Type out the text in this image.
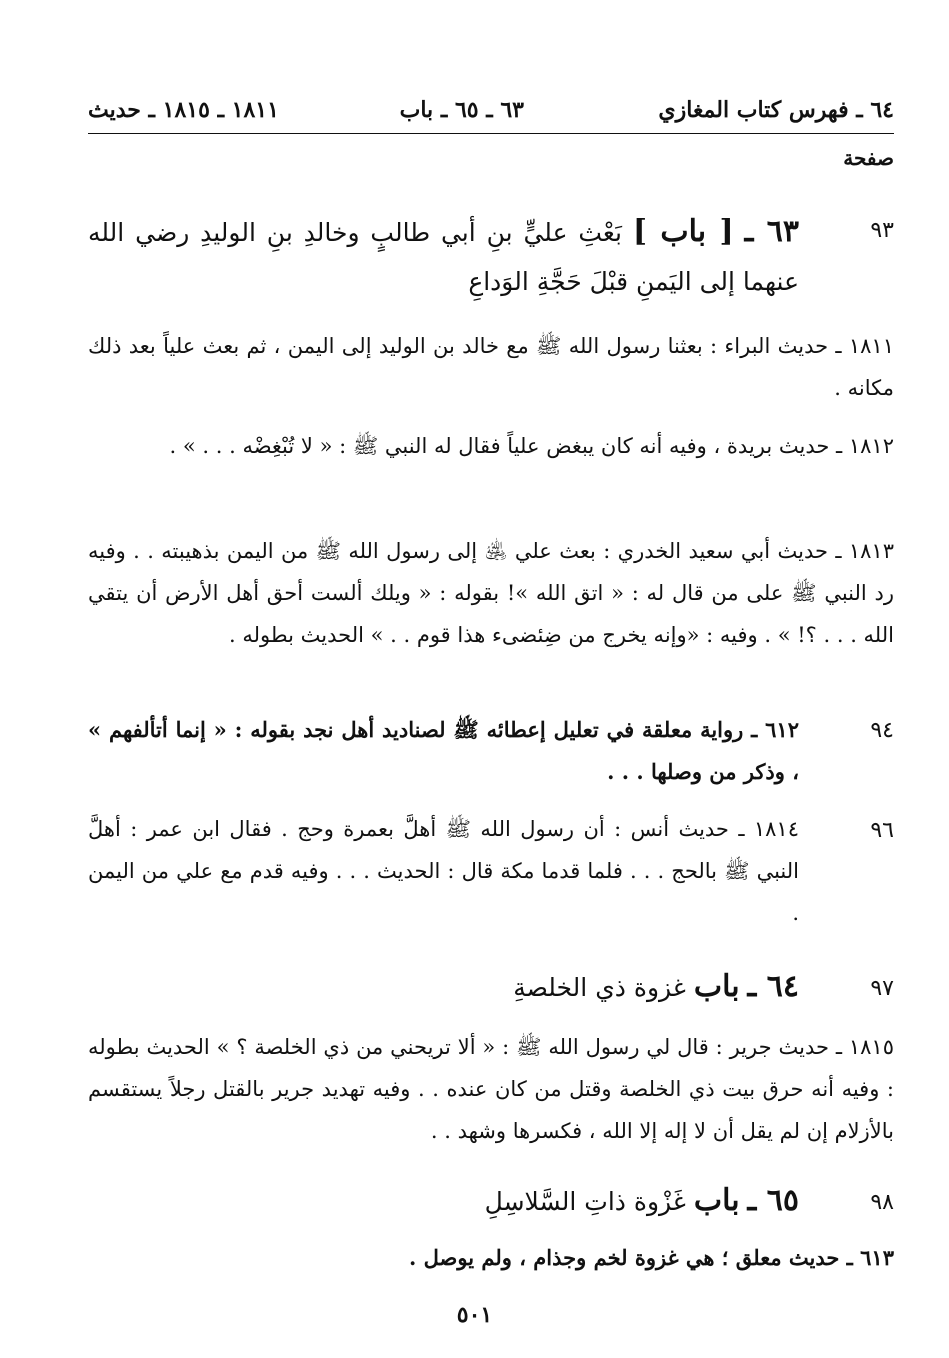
٦٤ ـ فهرس كتاب المغازي
٦٣ ـ ٦٥ ـ باب
١٨١١ ـ ١٨١٥ ـ حديث
صفحة
٩٣
٦٣ ـ [ باب ] بَعْثِ عليٍّ بنِ أبي طالبٍ وخالدِ بنِ الوليدِ رضي الله عنهما إلى اليَمنِ قبْلَ حَجَّةِ الوَداعِ
١٨١١ ـ حديث البراء : بعثنا رسول الله ﷺ مع خالد بن الوليد إلى اليمن ، ثم بعث علياً بعد ذلك مكانه .
١٨١٢ ـ حديث بريدة ، وفيه أنه كان يبغض علياً فقال له النبي ﷺ : « لا تُبْغِضْه . . . » .
١٨١٣ ـ حديث أبي سعيد الخدري : بعث علي ﵁ إلى رسول الله ﷺ من اليمن بذهيبته . . وفيه رد النبي ﷺ على من قال له : « اتق الله »! بقوله : « ويلك ألست أحق أهل الأرض أن يتقي الله . . . ؟! » . وفيه : «وإنه يخرج من ضِئضىء هذا قوم . . » الحديث بطوله .
٩٤
٦١٢ ـ رواية معلقة في تعليل إعطائه ﷺ لصناديد أهل نجد بقوله : « إنما أتألفهم » ، وذكر من وصلها . . .
٩٦
١٨١٤ ـ حديث أنس : أن رسول الله ﷺ أهلَّ بعمرة وحج . فقال ابن عمر : أهلَّ النبي ﷺ بالحج . . . فلما قدما مكة قال : الحديث . . . وفيه قدم مع علي من اليمن .
٩٧
٦٤ ـ باب غزوة ذي الخلصةِ
١٨١٥ ـ حديث جرير : قال لي رسول الله ﷺ : « ألا تريحني من ذي الخلصة ؟ » الحديث بطوله : وفيه أنه حرق بيت ذي الخلصة وقتل من كان عنده . . وفيه تهديد جرير بالقتل رجلاً يستقسم بالأزلام إن لم يقل أن لا إله إلا الله ، فكسرها وشهد . .
٩٨
٦٥ ـ باب غَزْوة ذاتِ السَّلاسِلِ
٦١٣ ـ حديث معلق ؛ هي غزوة لخم وجذام ، ولم يوصل .
٥٠١
